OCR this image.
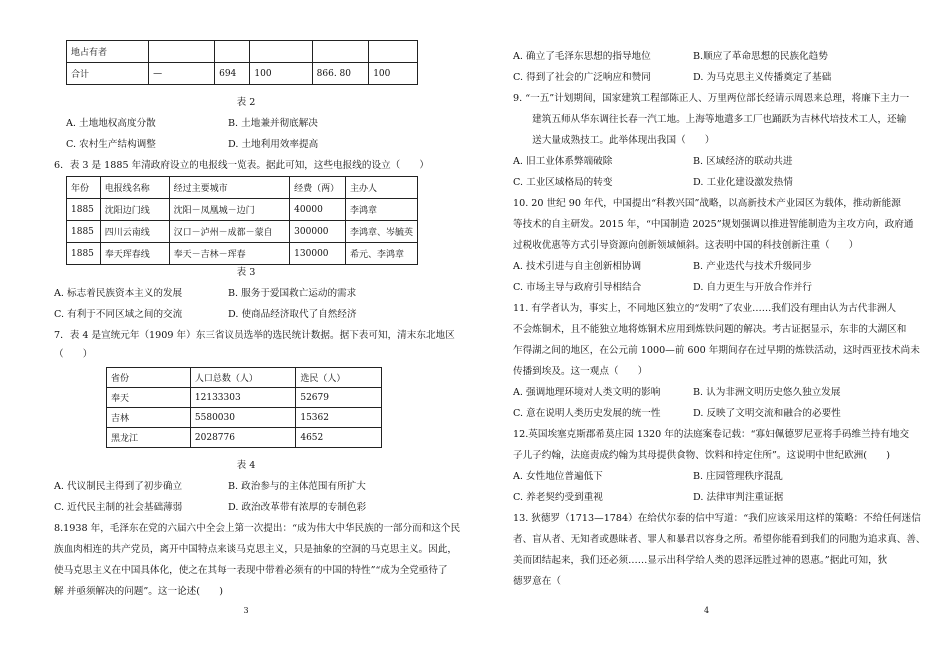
地占有者					
合计	—	694	100	866. 80	100
表 2
A. 土地地权高度分散	B. 土地兼并彻底解决
C. 农村生产结构调整	D. 土地利用效率提高
6．表 3 是 1885 年清政府设立的电报线一览表。据此可知，这些电报线的设立（　　）
年份	电报线名称	经过主要城市	经费（两）	主办人
1885	沈阳边门线	沈阳－凤凰城－边门	40000	李鸿章
1885	四川云南线	汉口－泸州－成都－蒙自	300000	李鸿章、岑毓英
1885	奉天珲春线	奉天－吉林－珲春	130000	希元、李鸿章
表 3
A. 标志着民族资本主义的发展	B. 服务于爱国救亡运动的需求
C. 有利于不同区域之间的交流	D. 使商品经济取代了自然经济
7．表 4 是宣统元年（1909 年）东三省议员选举的选民统计数据。据下表可知，清末东北地区
（　　）
省份	人口总数（人）	选民（人）
奉天	12133303	52679
吉林	5580030	15362
黑龙江	2028776	4652
表 4
A. 代议制民主得到了初步确立	B. 政治参与的主体范围有所扩大
C. 近代民主制的社会基础薄弱	D. 政治改革带有浓厚的专制色彩
8.1938 年，毛泽东在党的六届六中全会上第一次提出：“成为伟大中华民族的一部分而和这个民
族血肉相连的共产党员，离开中国特点来谈马克思主义，只是抽象的空洞的马克思主义。因此，
使马克思主义在中国具体化，使之在其每一表现中带着必须有的中国的特性”“成为全党亟待了
解 并亟须解决的问题”。这一论述(　　)
3
A. 确立了毛泽东思想的指导地位	B.顺应了革命思想的民族化趋势
C. 得到了社会的广泛响应和赞同	D. 为马克思主义传播奠定了基础
9. “一五”计划期间，国家建筑工程部陈正人、万里两位部长经请示周恩来总理，将廉下主力一
　　建筑五师从华东调往长春一汽工地。上海等地遣多工厂也踊跃为吉林代培技术工人，还输
　　送大量成熟技工。此举体现出我国（　　）
A. 旧工业体系弊端破除	B. 区域经济的联动共进
C. 工业区域格局的转变	D. 工业化建设激发热情
10. 20 世纪 90 年代，中国提出“科教兴国”战略，以高新技术产业园区为载体，推动新能源
等技术的自主研发。2015 年，“中国制造 2025”规划强调以推进智能制造为主攻方向，政府通
过税收优惠等方式引导资源向创新领域倾斜。这表明中国的科技创新注重（　　）
A. 技术引进与自主创新相协调	B. 产业迭代与技术升级同步
C. 市场主导与政府引导相结合	D. 自力更生与开放合作并行
11. 有学者认为，事实上，不同地区独立的“发明”了农业……我们没有理由认为古代非洲人
不会炼铜术，且不能独立地将炼铜术应用到炼铁问题的解决。考古证据显示，东非的大湖区和
乍得湖之间的地区，在公元前 1000—前 600 年期间存在过早期的炼铁活动，这时西亚技术尚未
传播到埃及。这一观点（　　）
A. 强调地理环境对人类文明的影响	B. 认为非洲文明历史悠久独立发展
C. 意在说明人类历史发展的统一性	D. 反映了文明交流和融合的必要性
12.英国埃塞克斯郡希莫庄园 1320 年的法庭案卷记载：“寡妇佩德罗尼亚将手码维兰持有地交
子儿子约翰，法庭责成约翰为其母提供食物、饮料和持定住所”。这说明中世纪欧洲(　　)
A. 女性地位普遍低下	B. 庄园管理秩序混乱
C. 养老契约受到重视	D. 法律审判注重证据
13. 狄德罗（1713—1784）在给伏尔泰的信中写道：“我们应该采用这样的策略：不给任何迷信
者、盲从者、无知者或愚昧者、罪人和暴君以容身之所。希望你能看到我们的同胞为追求真、善、
美而团结起来，我们还必须……显示出科学给人类的恩泽远胜过神的恩惠。”据此可知，狄
德罗意在（　　
4
